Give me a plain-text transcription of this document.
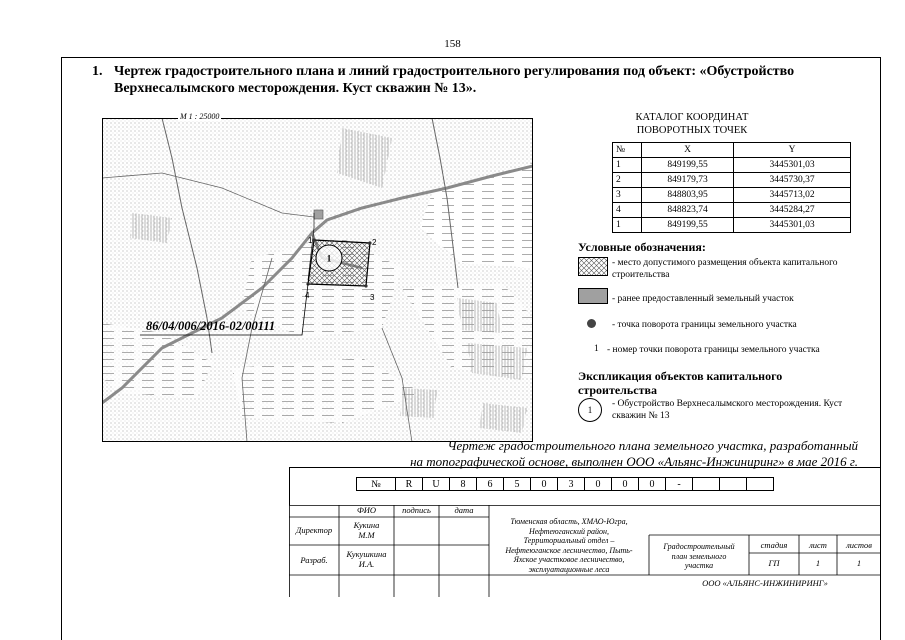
158
1. Чертеж градостроительного плана и линий градостроительного регулирования под объект: «Обустройство Верхнесалымского месторождения. Куст скважин № 13».
1
1	2
3
4
86/04/006/2016-02/00111
М 1 : 25000	КАТАЛОГ КООРДИНАТ
ПОВОРОТНЫХ ТОЧЕК
№	X	Y
1	849199,55	3445301,03
2	849179,73	3445730,37
3	848803,95	3445713,02
4	848823,74	3445284,27
1	849199,55	3445301,03
Условные обозначения:
- место допустимого размещения объекта капитального строительства
- ранее предоставленный земельный участок
- точка поворота границы земельного участка
1 - номер точки поворота границы земельного участка
Экспликация объектов капитального строительства
1
- Обустройство Верхнесалымского месторождения. Куст скважин № 13
Чертеж градостроительного плана земельного участка, разработанный
на топографической основе, выполнен ООО «Альянс-Инжиниринг» в мае 2016 г.
№	R	U	8	6	5	0	3	0	0	0	-			
ФИО	подпись	дата
Директор	Кукина
М.М
Разраб.
Кукушкина
И.А.
Тюменская область, ХМАО-Югра,
Нефтеюганский район,
Территориальный отдел –
Нефтеюганское лесничество, Пыть-
Яхское участковое лесничество,
эксплуатационные леса
Градостроительный
план земельного
участка
стадия	лист	листов
ГП	1	1
ООО «АЛЬЯНС-ИНЖИНИРИНГ»
